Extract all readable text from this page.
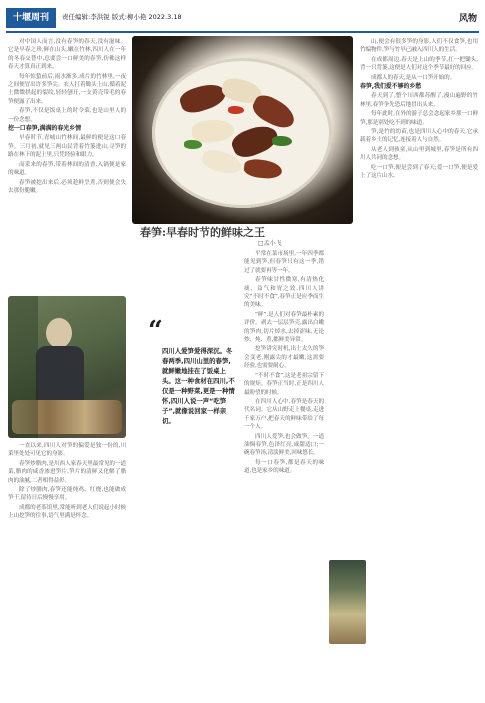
十堰周刊	责任编辑:李洪锐 版式:柳小艳 2022.3.18	风物

对中国人而言,没有春笋的春天,没有滋味。它是早春之珍,鲜在山头,嫩在竹林,四川人在一年的冬春交替中,总要尝一口鲜美的春笋,仿佛这样春天才算真正到来。

每年惊蛰前后,雨水渐多,成片的竹林里,一夜之间便冒出许多笋尖。农人扛着锄头上山,循着泥土微微拱起的裂纹,轻轻刨开,一支黄壳带毛的春笋便露了出来。

春笋,不仅是饭桌上的时令菜,也是山里人的一份念想。

挖一口春笋,满满的春光乡情

早春时节,青城山竹林间,最鲜的便是这口春笋。三月初,就见三两山民背着竹篓进山,寻笋的路在林下的泥土里,只凭经验和眼力。

而采来的春笋,带着林间的清香,入锅便是家的味道。

春笋被挖出来后,必须趁鲜烹煮,否则便会失去那份脆嫩。

一直以来,四川人对笋的偏爱是独一份的,川菜里处处可见它的身影。

春笋炒腊肉,是川西人家春天里最常见的一道菜,腊肉的咸香渗进笋片,笋片的清鲜又化解了腊肉的油腻,二者相得益彰。

除了炒腊肉,春笋还能炖鸡、红烧,也能做成笋干,留待日后慢慢享用。

成都的老茶馆里,常能听到老人们说起小时候上山挖笋的往事,语气里满是怀念。

春笋:早春时节的鲜味之王
□孟小飞
“
四川人爱笋爱得深沉。冬春两季,四川山里的春笋,就鲜嫩地挂在了饭桌上头。这一种食材在四川,不仅是一种野菜,更是一种情怀,四川人说一声“吃笋子”,就像说回家一样亲切。

平常在菜市场里,一年四季都能见到笋,但春笋只有这一季,错过了就要再等一年。

春笋味甘性微寒,有清热化痰、益气和胃之效,四川人讲究“不时不食”,春笋正是应季而生的美味。

“鲜”,是人们对春笋最朴素的评价。剥去一层层笋壳,露出白嫩的笋肉,切片焯水,去掉涩味,无论炒、炖、煮,都鲜美异常。

挖笋讲究时机,出土太久的笋会变老,刚露尖的才最嫩,这需要经验,也需要耐心。

“不时不食”,这是老祖宗留下的规矩。春笋正当时,正是四川人最盼望的时候。

在四川人心中,春笋是春天的代名词。它从山野走上餐桌,走进千家万户,把春天的鲜味带给了每一个人。

四川人爱笋,也会做笋。一道油焖春笋,色泽红亮,咸甜适口;一碗春笋汤,清淡鲜美,回味悠长。

每一口春笋,都是春天的味道,也是家乡的味道。

山,便会有很多笋的身影,人们不仅食笋,也用竹编物件,笋与竹早已融入四川人的生活。

在成都周边,春天是上山的季节,扛一把锄头,背一只背篓,这便是人们对这个季节最好的回应。

成都人的春天,是从一口笋开始的。

春笋,我们爱不够的乡愁

春天到了,整个川西都苏醒了,漫山遍野的竹林里,春笋争先恐后地冒出头来。

每年此时,在外的游子总会念起家乡那一口鲜笋,那是别处吃不到的味道。

笋,是竹的幼苗,也是四川人心中的春天,它承载着乡土的记忆,连接着人与自然。

从老人到孩童,从山里到城里,春笋是所有四川人共同的念想。

吃一口笋,便是尝到了春天;爱一口笋,便是爱上了这片山水。
